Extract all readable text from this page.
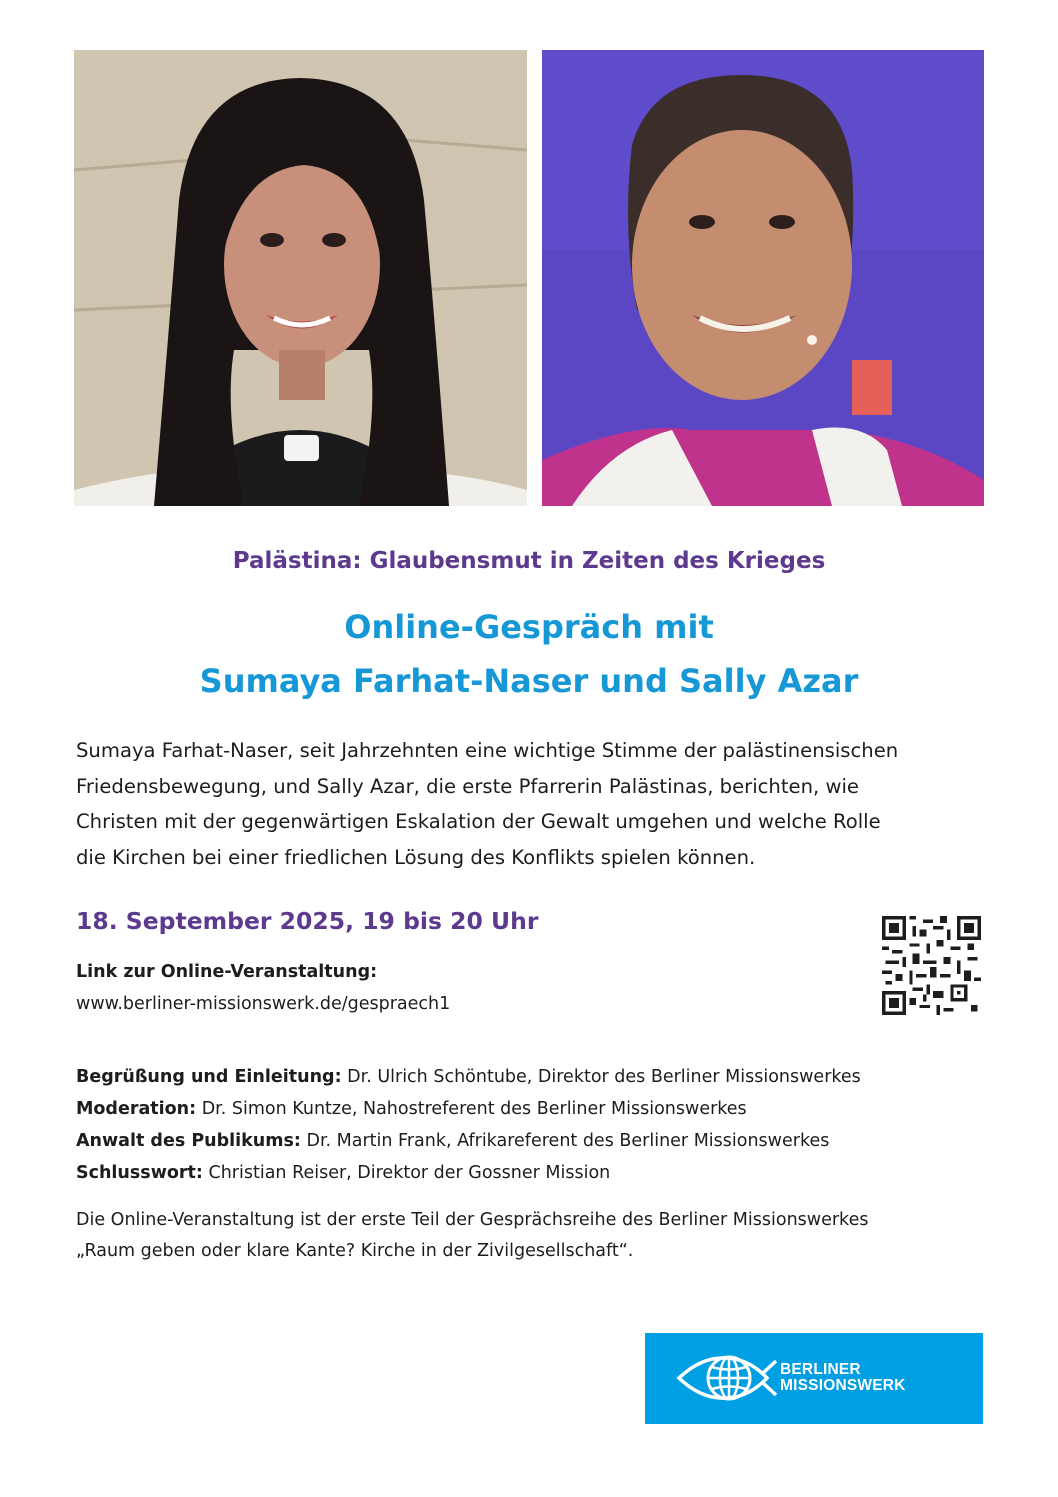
Palästina: Glaubensmut in Zeiten des Krieges
Online-Gespräch mit
Sumaya Farhat-Naser und Sally Azar
Sumaya Farhat-Naser, seit Jahrzehnten eine wichtige Stimme der palästinensischen
Friedensbewegung, und Sally Azar, die erste Pfarrerin Palästinas, berichten, wie
Christen mit der gegenwärtigen Eskalation der Gewalt umgehen und welche Rolle
die Kirchen bei einer friedlichen Lösung des Konflikts spielen können.
18. September 2025, 19 bis 20 Uhr
Link zur Online-Veranstaltung:
www.berliner-missionswerk.de/gespraech1
Begrüßung und Einleitung: Dr. Ulrich Schöntube, Direktor des Berliner Missionswerkes
Moderation: Dr. Simon Kuntze, Nahostreferent des Berliner Missionswerkes
Anwalt des Publikums: Dr. Martin Frank, Afrikareferent des Berliner Missionswerkes
Schlusswort: Christian Reiser, Direktor der Gossner Mission
Die Online-Veranstaltung ist der erste Teil der Gesprächsreihe des Berliner Missionswerkes
„Raum geben oder klare Kante? Kirche in der Zivilgesellschaft“.
BERLINER
MISSIONSWERK
